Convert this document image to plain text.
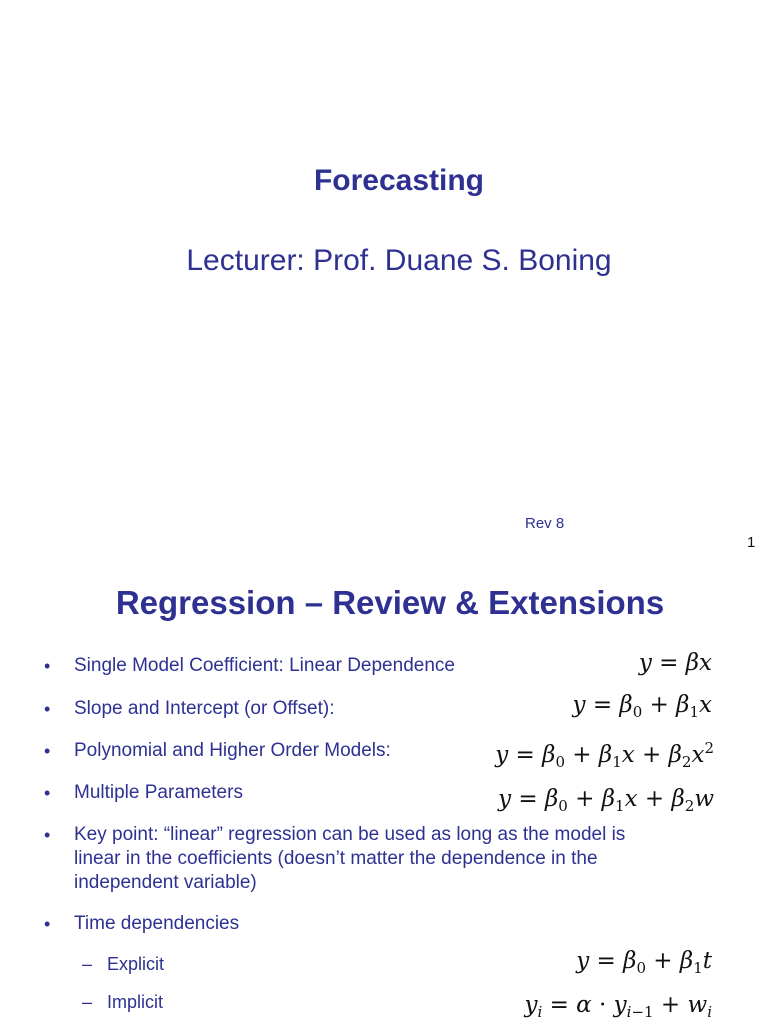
Forecasting
Lecturer: Prof. Duane S. Boning
Rev 8
1
Regression – Review & Extensions
• Single Model Coefficient: Linear Dependence
• Slope and Intercept (or Offset):
• Polynomial and Higher Order Models:
• Multiple Parameters
• Key point: “linear” regression can be used as long as the model is
linear in the coefficients (doesn’t matter the dependence in the
independent variable)
• Time dependencies
– Explicit
– Implicit
y = βx
$y = \beta_0 + \beta_1x$
$y = \beta_0 + \beta_1x + \beta_2x^2$
$y = \beta_0 + \beta_1x + \beta_2w$
$y = \beta_0 + \beta_1t$
$y_i = \alpha \cdot y_{i-1} + w_i$
